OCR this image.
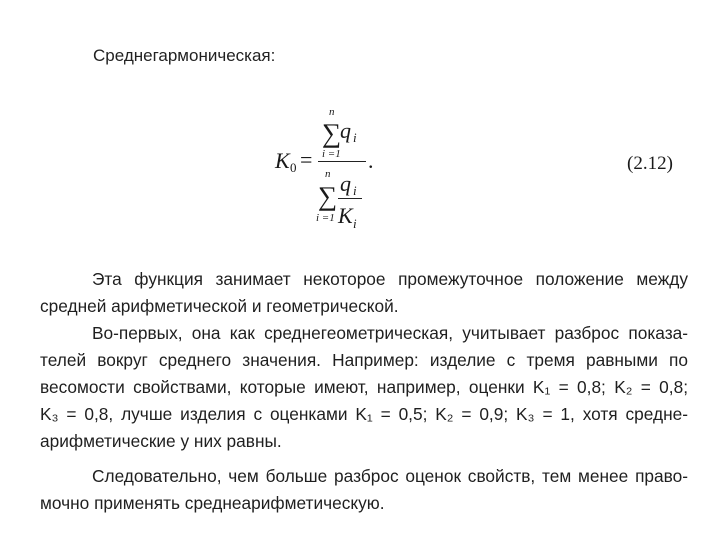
Среднегармоническая:
K 0 =
n
∑
q i
i =1 .
n
∑
i =1
q i
K i
(2.12)

Эта функция занимает некоторое промежуточное положение между
средней арифметической и геометрической.

Во-первых, она как среднегеометрическая, учитывает разброс показа-
телей вокруг среднего значения. Например: изделие с тремя равными по
весомости свойствами, которые имеют, например, оценки K₁ = 0,8; K₂ = 0,8;
K₃ = 0,8, лучше изделия с оценками K₁ = 0,5; K₂ = 0,9; K₃ = 1, хотя средне-
арифметические у них равны.

Следовательно, чем больше разброс оценок свойств, тем менее право-
мочно применять среднеарифметическую.
